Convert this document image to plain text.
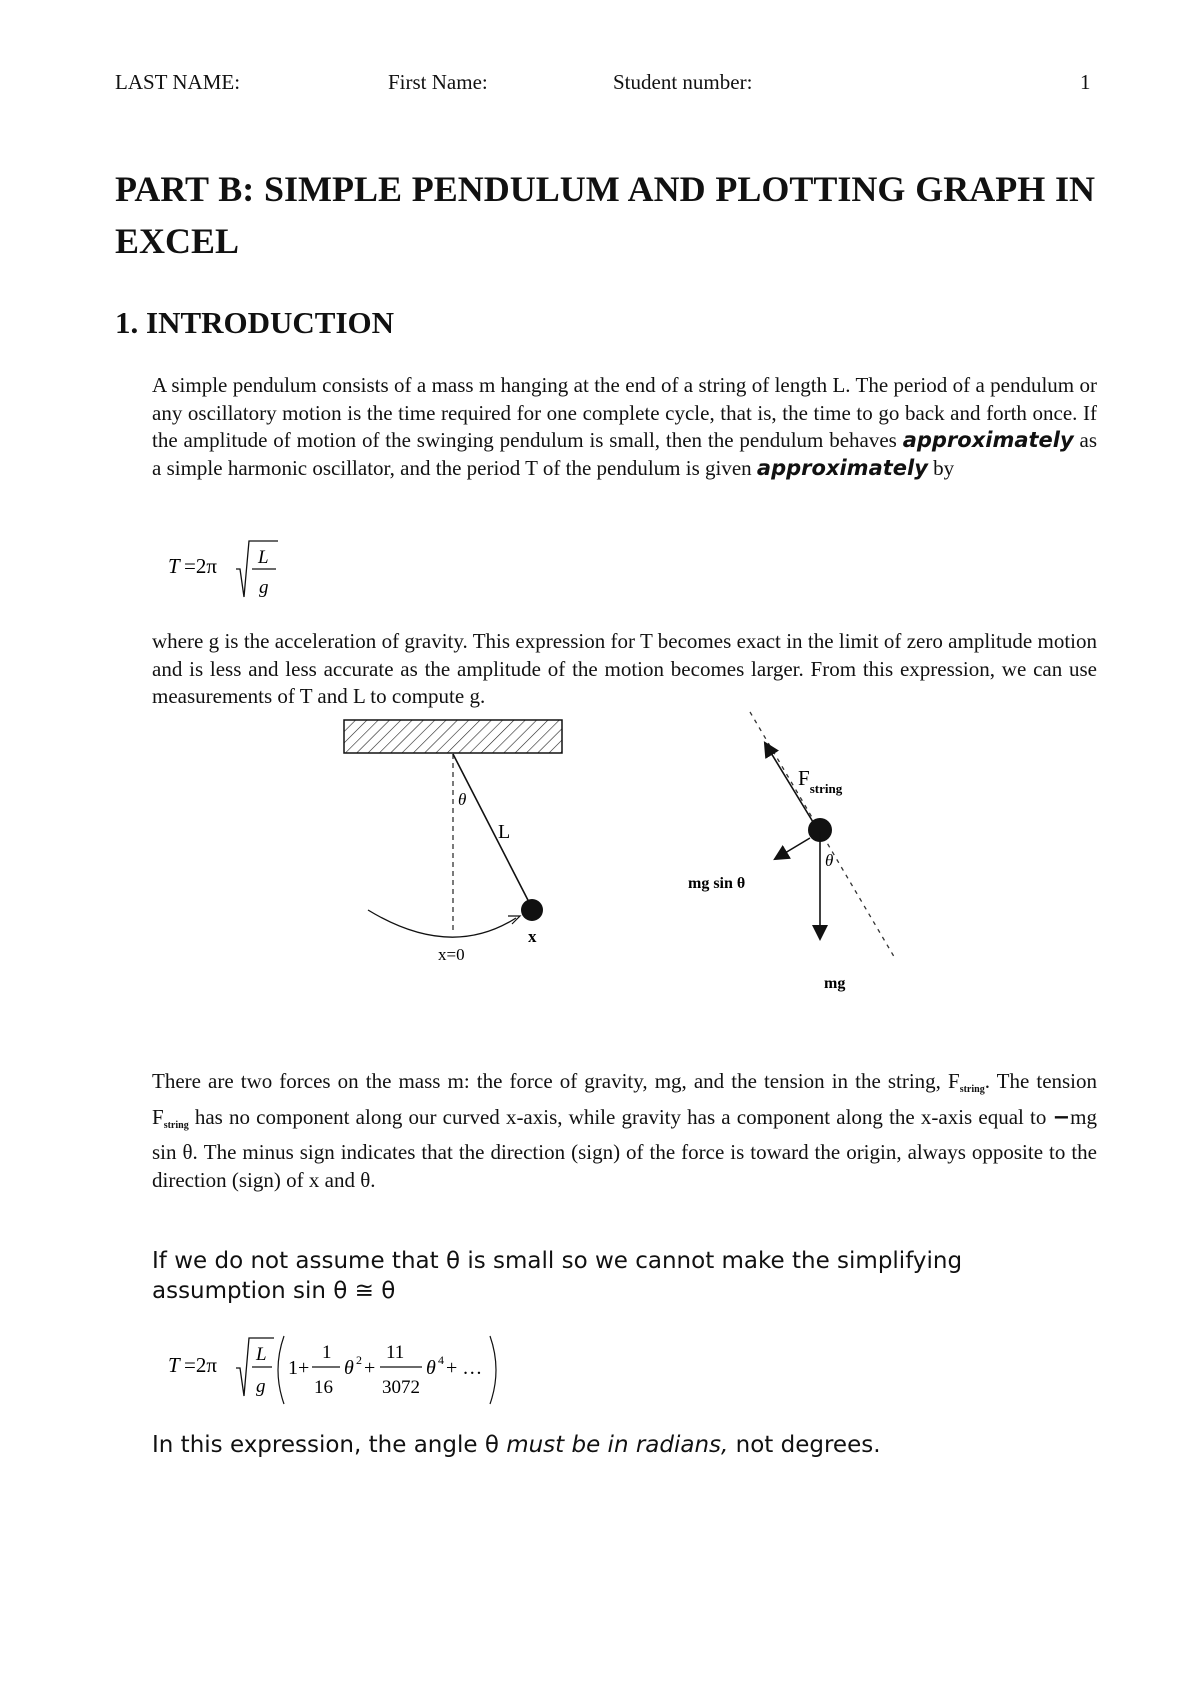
LAST NAME:	First Name:	Student number:	1
PART B: SIMPLE PENDULUM AND PLOTTING GRAPH IN EXCEL
1. INTRODUCTION
A simple pendulum consists of a mass m hanging at the end of a string of length L. The period of a pendulum or any oscillatory motion is the time required for one complete cycle, that is, the time to go back and forth once. If the amplitude of motion of the swinging pendulum is small, then the pendulum behaves approximately as a simple harmonic oscillator, and the period T of the pendulum is given approximately by
T =2π L
g
where g is the acceleration of gravity. This expression for T becomes exact in the limit of zero amplitude motion and is less and less accurate as the amplitude of the motion becomes larger. From this expression, we can use measurements of T and L to compute g.
θ
L
x
x=0
$F_{string}$
θ
mg sin θ
mg
There are two forces on the mass m: the force of gravity, mg, and the tension in the string, $F_{string}$. The tension $F_{string}$ has no component along our curved x-axis, while gravity has a component along the x-axis equal to −mg sin θ. The minus sign indicates that the direction (sign) of the force is toward the origin, always opposite to the direction (sign) of x and θ.
If we do not assume that θ is small so we cannot make the simplifying assumption sin θ ≅ θ
T =2π L
g
1+
1
16
θ 2 +
11
3072
θ 4 + …
In this expression, the angle θ must be in radians, not degrees.
